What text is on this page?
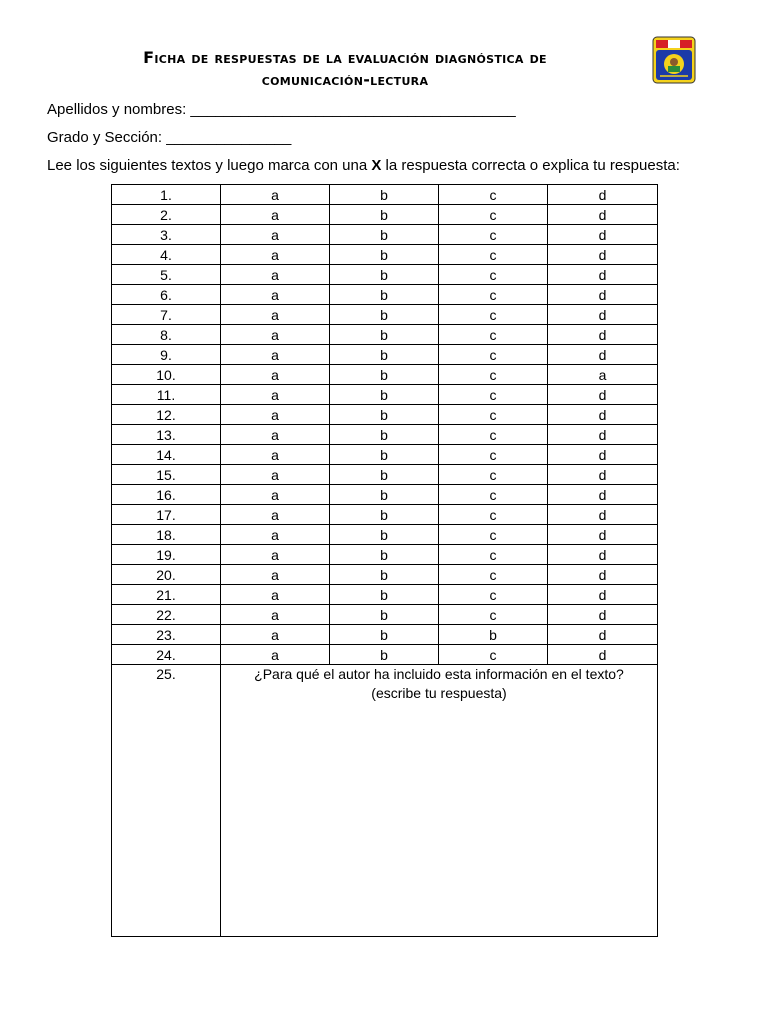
Ficha de respuestas de la evaluación diagnóstica de
comunicación-lectura
Apellidos y nombres: _______________________________________
Grado y Sección: _______________
Lee los siguientes textos y luego marca con una X la respuesta correcta o explica tu respuesta:
1.	a	b	c	d
2.	a	b	c	d
3.	a	b	c	d
4.	a	b	c	d
5.	a	b	c	d
6.	a	b	c	d
7.	a	b	c	d
8.	a	b	c	d
9.	a	b	c	d
10.	a	b	c	a
11.	a	b	c	d
12.	a	b	c	d
13.	a	b	c	d
14.	a	b	c	d
15.	a	b	c	d
16.	a	b	c	d
17.	a	b	c	d
18.	a	b	c	d
19.	a	b	c	d
20.	a	b	c	d
21.	a	b	c	d
22.	a	b	c	d
23.	a	b	b	d
24.	a	b	c	d
25.	¿Para qué el autor ha incluido esta información en el texto?
(escribe tu respuesta)			
